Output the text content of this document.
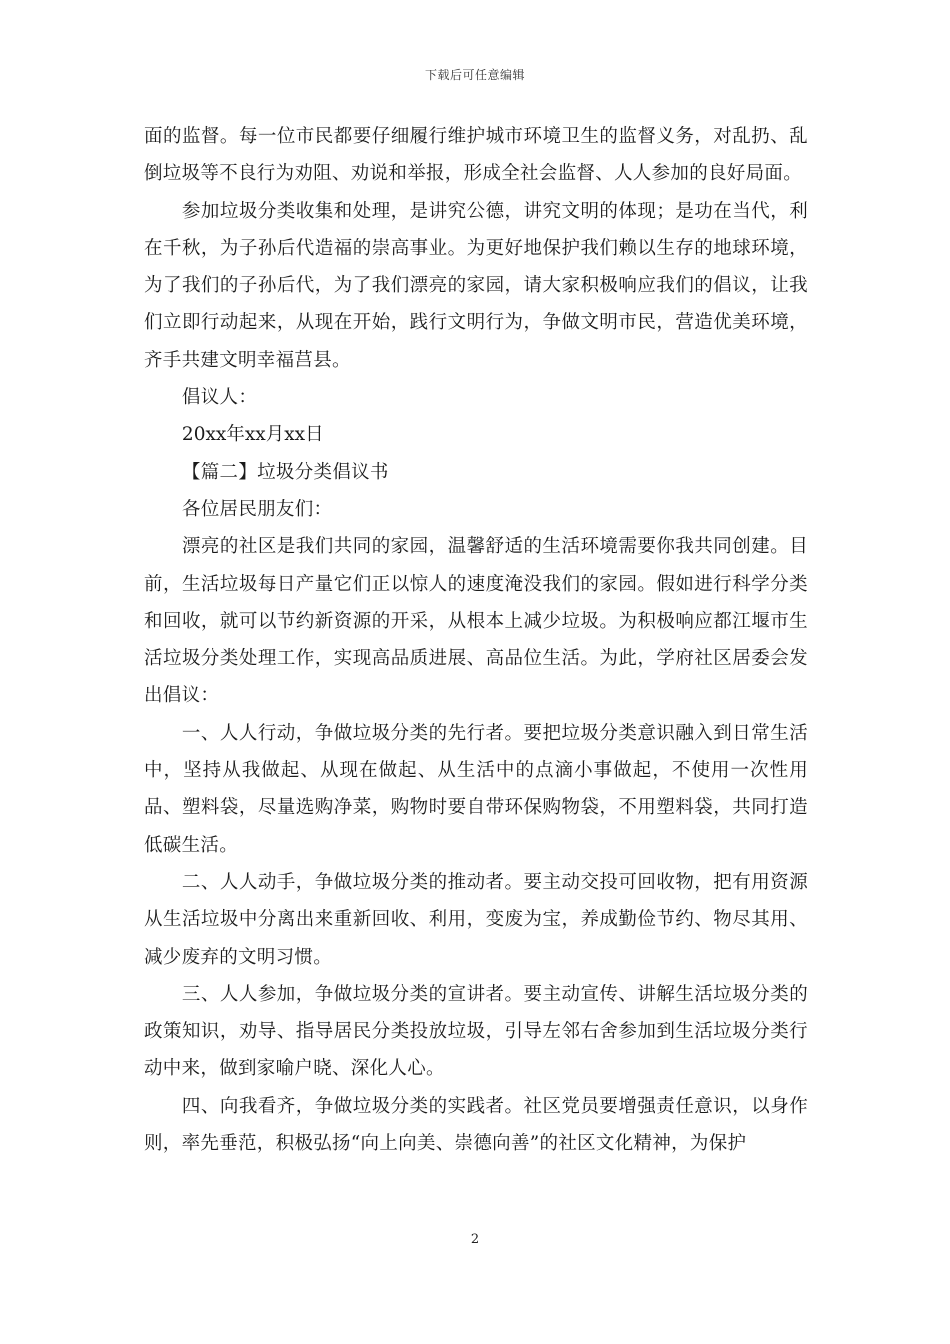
下载后可任意编辑

面的监督。每一位市民都要仔细履行维护城市环境卫生的监督义务，对乱扔、乱倒垃圾等不良行为劝阻、劝说和举报，形成全社会监督、人人参加的良好局面。

参加垃圾分类收集和处理，是讲究公德，讲究文明的体现；是功在当代，利在千秋，为子孙后代造福的崇高事业。为更好地保护我们赖以生存的地球环境，为了我们的子孙后代，为了我们漂亮的家园，请大家积极响应我们的倡议，让我们立即行动起来，从现在开始，践行文明行为，争做文明市民，营造优美环境，齐手共建文明幸福莒县。

倡议人：

20xx年xx月xx日

【篇二】垃圾分类倡议书

各位居民朋友们：

漂亮的社区是我们共同的家园，温馨舒适的生活环境需要你我共同创建。目前，生活垃圾每日产量它们正以惊人的速度淹没我们的家园。假如进行科学分类和回收，就可以节约新资源的开采，从根本上减少垃圾。为积极响应都江堰市生活垃圾分类处理工作，实现高品质进展、高品位生活。为此，学府社区居委会发出倡议：

一、人人行动，争做垃圾分类的先行者。要把垃圾分类意识融入到日常生活中，坚持从我做起、从现在做起、从生活中的点滴小事做起，不使用一次性用品、塑料袋，尽量选购净菜，购物时要自带环保购物袋，不用塑料袋，共同打造低碳生活。

二、人人动手，争做垃圾分类的推动者。要主动交投可回收物，把有用资源从生活垃圾中分离出来重新回收、利用，变废为宝，养成勤俭节约、物尽其用、减少废弃的文明习惯。

三、人人参加，争做垃圾分类的宣讲者。要主动宣传、讲解生活垃圾分类的政策知识，劝导、指导居民分类投放垃圾，引导左邻右舍参加到生活垃圾分类行动中来，做到家喻户晓、深化人心。

四、向我看齐，争做垃圾分类的实践者。社区党员要增强责任意识，以身作则，率先垂范，积极弘扬“向上向美、崇德向善”的社区文化精神，为保护

2
